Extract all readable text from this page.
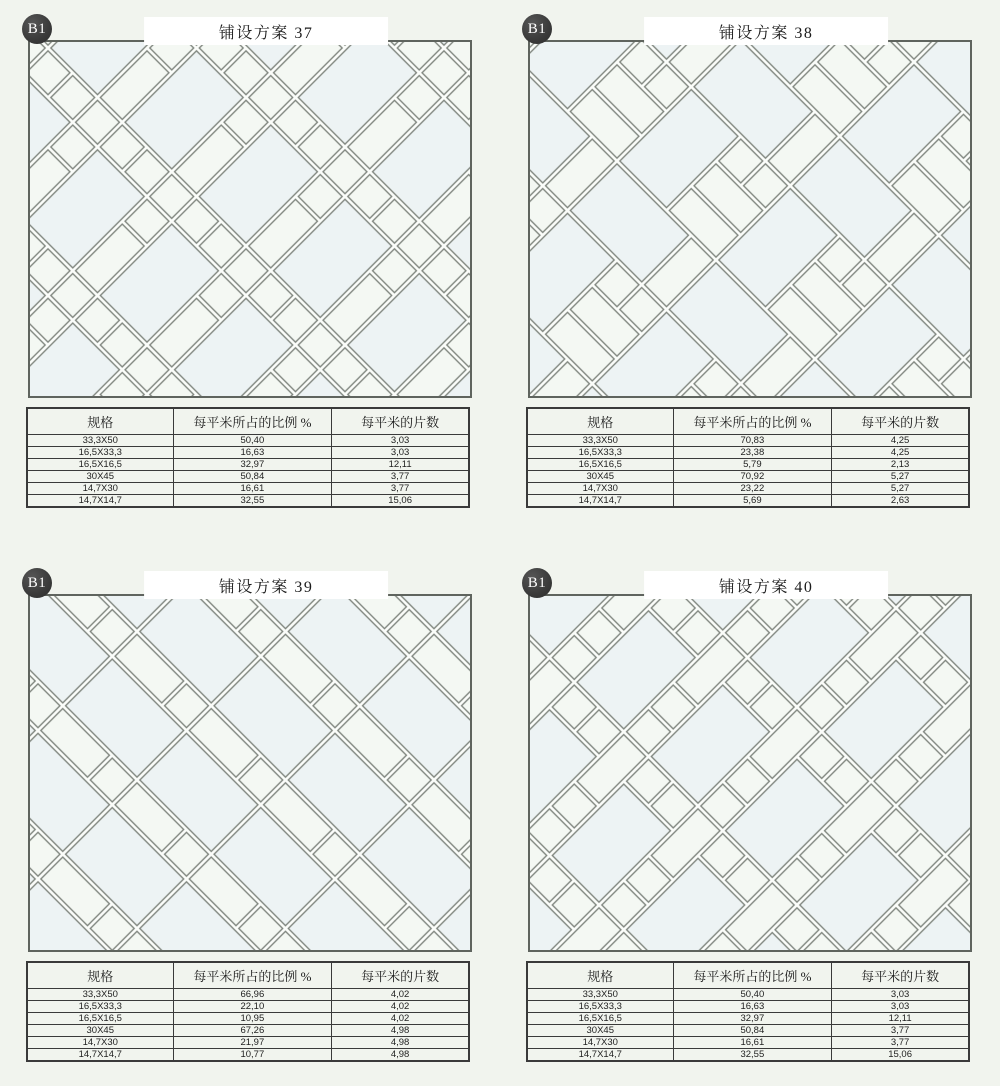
B1	铺设方案 37
规格	每平米所占的比例 %	每平米的片数
33,3X50	50,40	3,03
16,5X33,3	16,63	3,03
16,5X16,5	32,97	12,11
30X45	50,84	3,77
14,7X30	16,61	3,77
14,7X14,7	32,55	15,06
B1	铺设方案 38
规格	每平米所占的比例 %	每平米的片数
33,3X50	70,83	4,25
16,5X33,3	23,38	4,25
16,5X16,5	5,79	2,13
30X45	70,92	5,27
14,7X30	23,22	5,27
14,7X14,7	5,69	2,63
B1	铺设方案 39
规格	每平米所占的比例 %	每平米的片数
33,3X50	66,96	4,02
16,5X33,3	22,10	4,02
16,5X16,5	10,95	4,02
30X45	67,26	4,98
14,7X30	21,97	4,98
14,7X14,7	10,77	4,98
B1	铺设方案 40
规格	每平米所占的比例 %	每平米的片数
33,3X50	50,40	3,03
16,5X33,3	16,63	3,03
16,5X16,5	32,97	12,11
30X45	50,84	3,77
14,7X30	16,61	3,77
14,7X14,7	32,55	15,06
